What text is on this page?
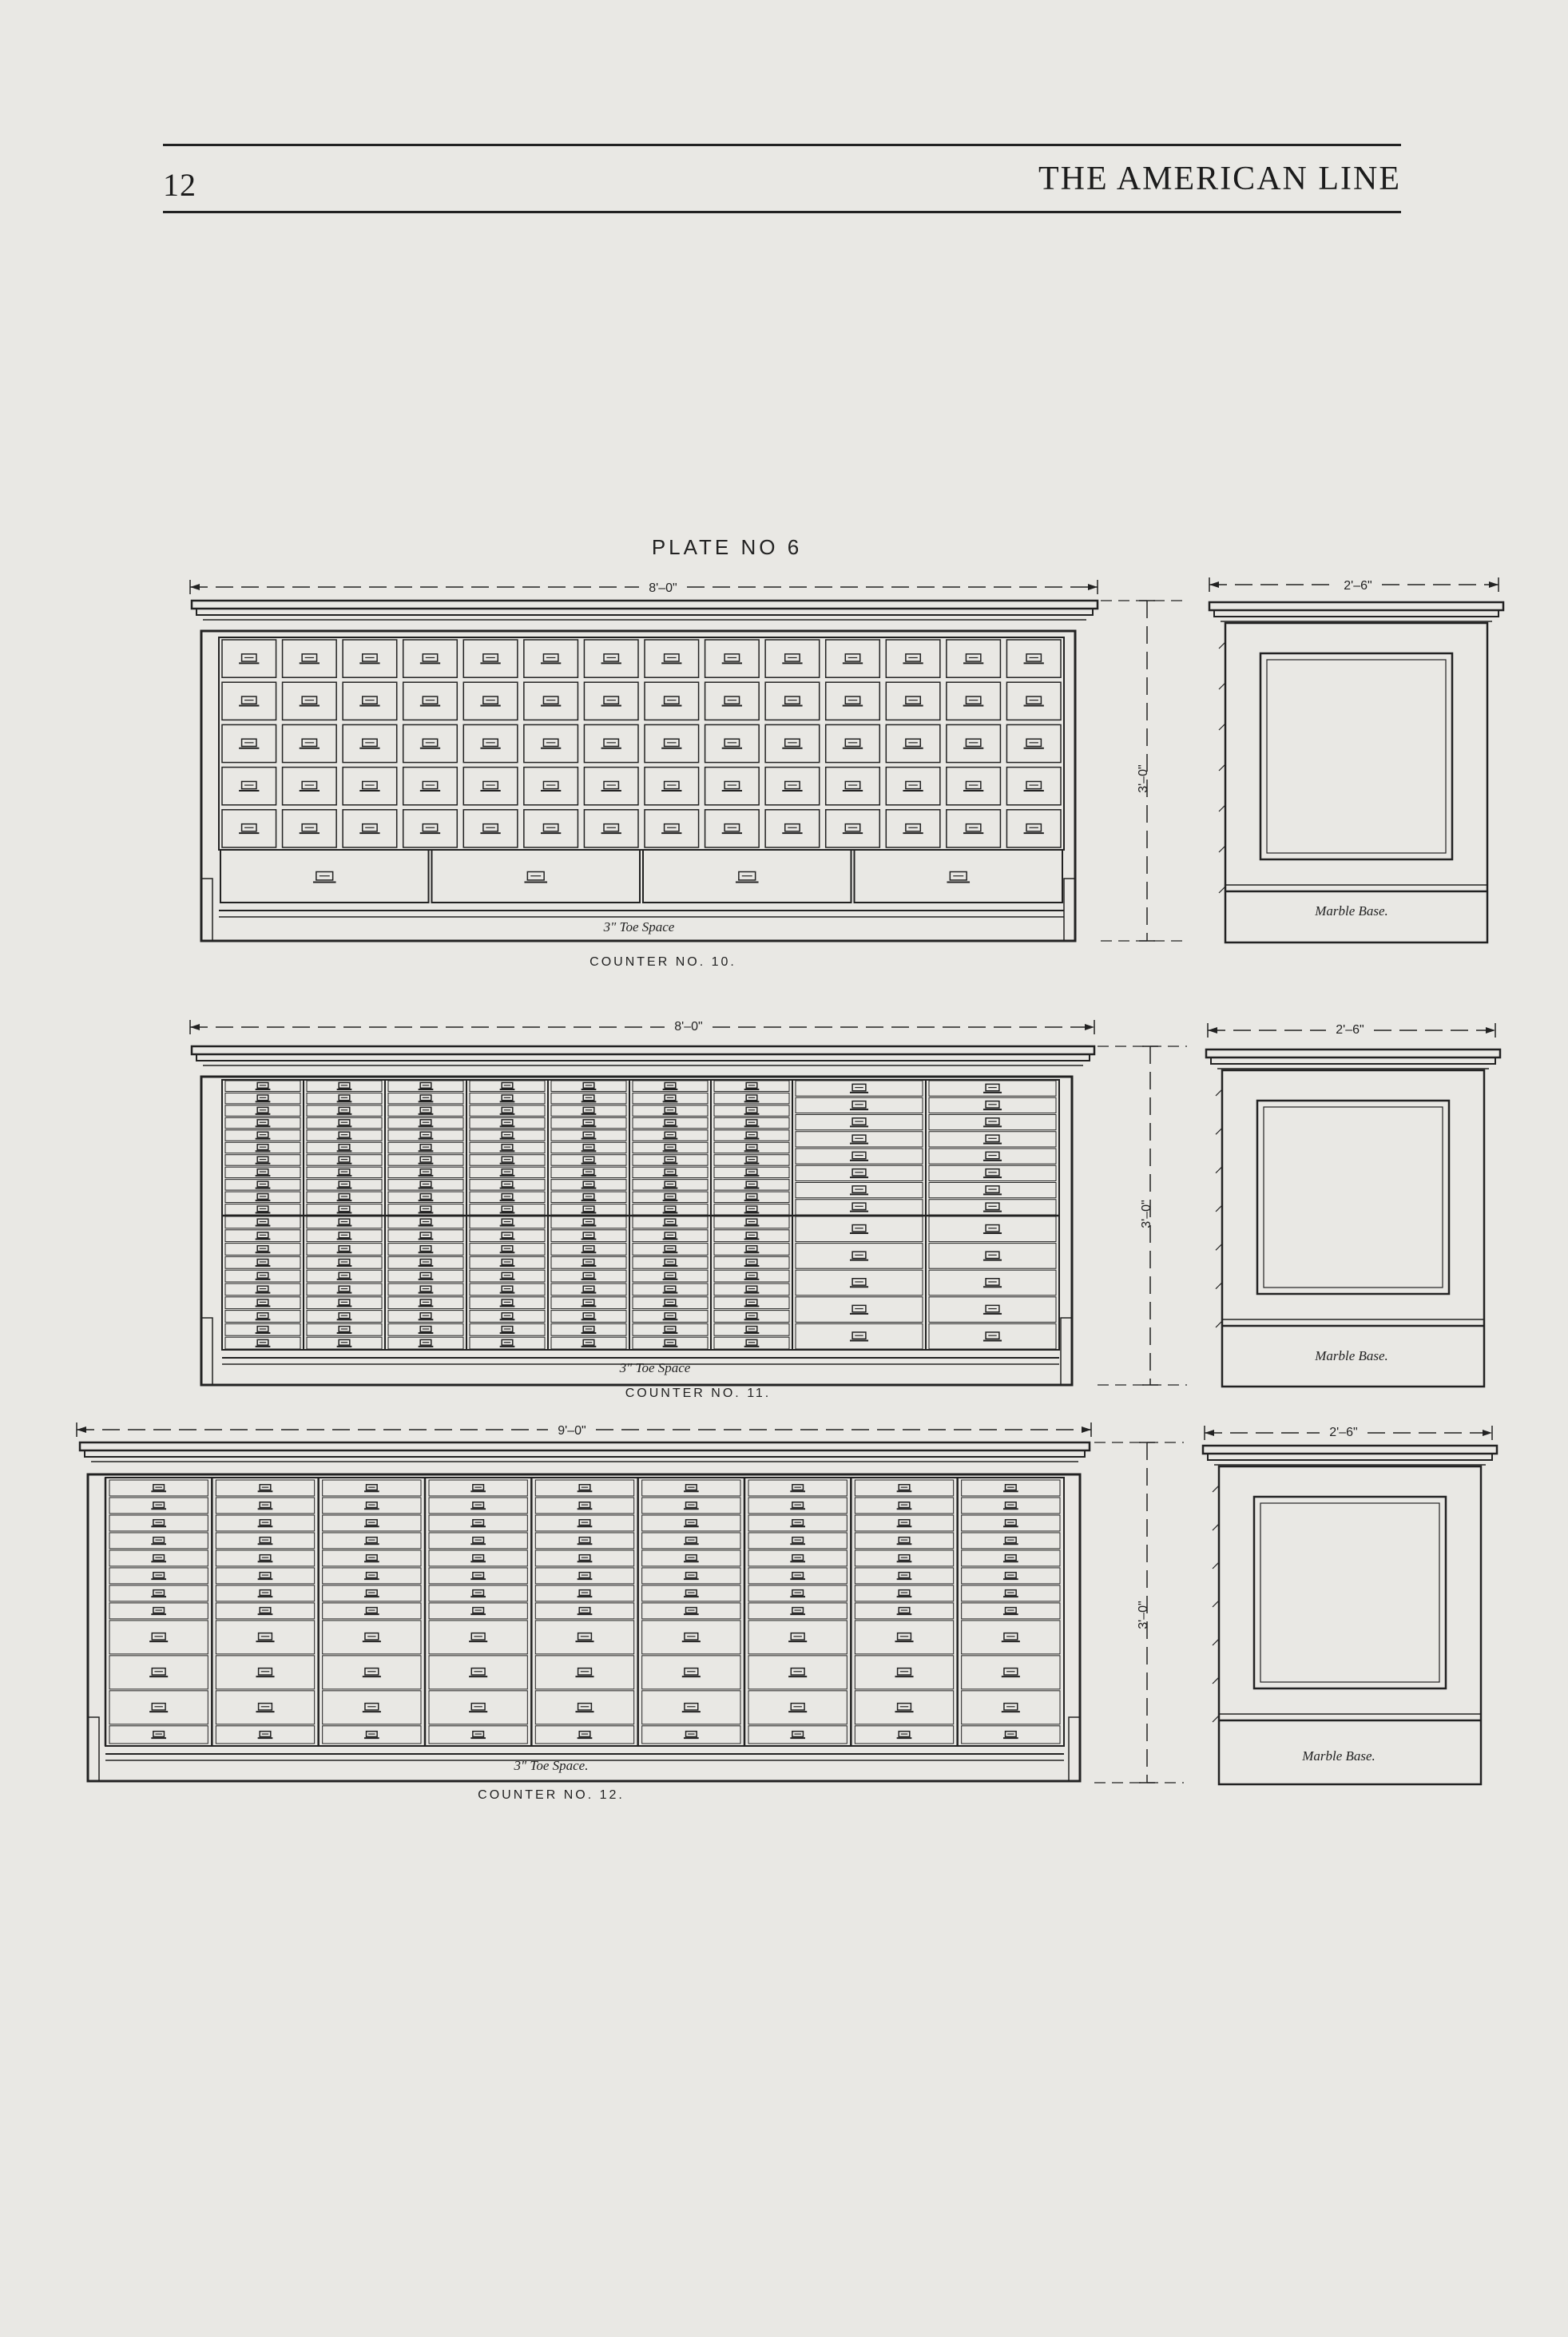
12	THE AMERICAN LINE
PLATE NO 6
8'–0"
3'–0"
3" Toe Space
2'–6"
Marble Base.
COUNTER NO. 10.
8'–0"
3'–0"
3" Toe Space
2'–6"
Marble Base.
COUNTER NO. 11.
9'–0"
3'–0"
3" Toe Space.
2'–6"
Marble Base.
COUNTER NO. 12.
